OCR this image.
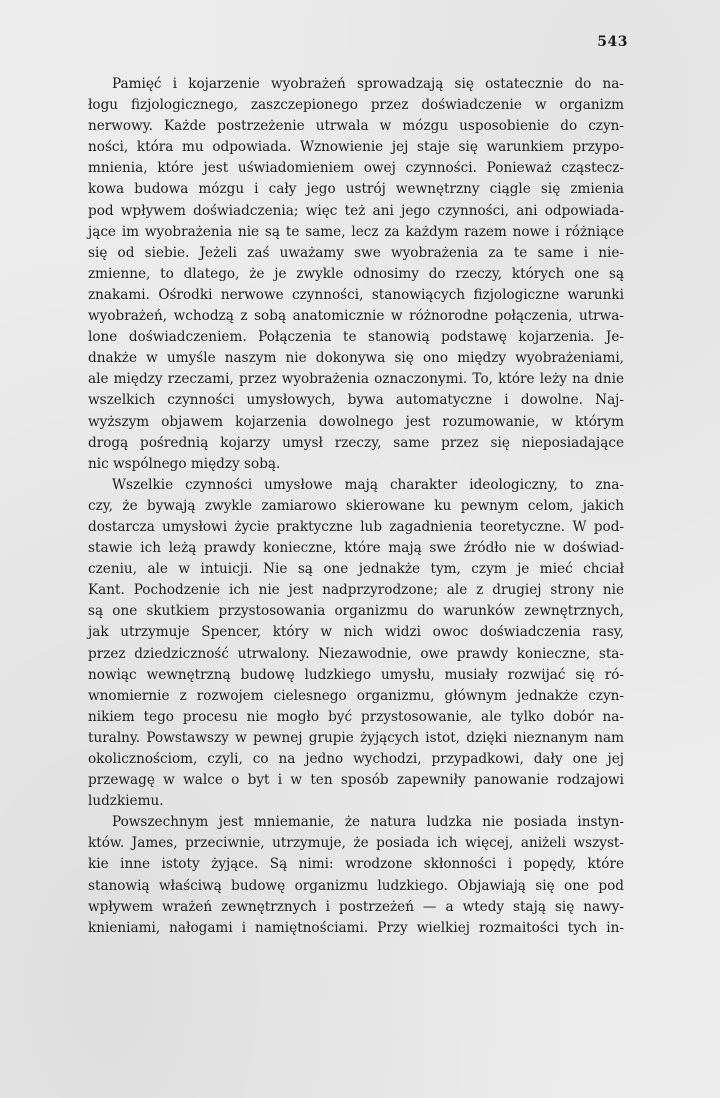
543
Pamięć i kojarzenie wyobrażeń sprowadzają się ostatecznie do na-
łogu fizjologicznego, zaszczepionego przez doświadczenie w organizm
nerwowy. Każde postrzeżenie utrwala w mózgu usposobienie do czyn-
ności, która mu odpowiada. Wznowienie jej staje się warunkiem przypo-
mnienia, które jest uświadomieniem owej czynności. Ponieważ cząstecz-
kowa budowa mózgu i cały jego ustrój wewnętrzny ciągle się zmienia
pod wpływem doświadczenia; więc też ani jego czynności, ani odpowiada-
jące im wyobrażenia nie są te same, lecz za każdym razem nowe i różniące
się od siebie. Jeżeli zaś uważamy swe wyobrażenia za te same i nie-
zmienne, to dlatego, że je zwykle odnosimy do rzeczy, których one są
znakami. Ośrodki nerwowe czynności, stanowiących fizjologiczne warunki
wyobrażeń, wchodzą z sobą anatomicznie w różnorodne połączenia, utrwa-
lone doświadczeniem. Połączenia te stanowią podstawę kojarzenia. Je-
dnakże w umyśle naszym nie dokonywa się ono między wyobrażeniami,
ale między rzeczami, przez wyobrażenia oznaczonymi. To, które leży na dnie
wszelkich czynności umysłowych, bywa automatyczne i dowolne. Naj-
wyższym objawem kojarzenia dowolnego jest rozumowanie, w którym
drogą pośrednią kojarzy umysł rzeczy, same przez się nieposiadające
nic wspólnego między sobą.
Wszelkie czynności umysłowe mają charakter ideologiczny, to zna-
czy, że bywają zwykle zamiarowo skierowane ku pewnym celom, jakich
dostarcza umysłowi życie praktyczne lub zagadnienia teoretyczne. W pod-
stawie ich leżą prawdy konieczne, które mają swe źródło nie w doświad-
czeniu, ale w intuicji. Nie są one jednakże tym, czym je mieć chciał
Kant. Pochodzenie ich nie jest nadprzyrodzone; ale z drugiej strony nie
są one skutkiem przystosowania organizmu do warunków zewnętrznych,
jak utrzymuje Spencer, który w nich widzi owoc doświadczenia rasy,
przez dziedziczność utrwalony. Niezawodnie, owe prawdy konieczne, sta-
nowiąc wewnętrzną budowę ludzkiego umysłu, musiały rozwijać się ró-
wnomiernie z rozwojem cielesnego organizmu, głównym jednakże czyn-
nikiem tego procesu nie mogło być przystosowanie, ale tylko dobór na-
turalny. Powstawszy w pewnej grupie żyjących istot, dzięki nieznanym nam
okolicznościom, czyli, co na jedno wychodzi, przypadkowi, dały one jej
przewagę w walce o byt i w ten sposób zapewniły panowanie rodzajowi
ludzkiemu.
Powszechnym jest mniemanie, że natura ludzka nie posiada instyn-
któw. James, przeciwnie, utrzymuje, że posiada ich więcej, aniżeli wszyst-
kie inne istoty żyjące. Są nimi: wrodzone skłonności i popędy, które
stanowią właściwą budowę organizmu ludzkiego. Objawiają się one pod
wpływem wrażeń zewnętrznych i postrzeżeń — a wtedy stają się nawy-
knieniami, nałogami i namiętnościami. Przy wielkiej rozmaitości tych in-
